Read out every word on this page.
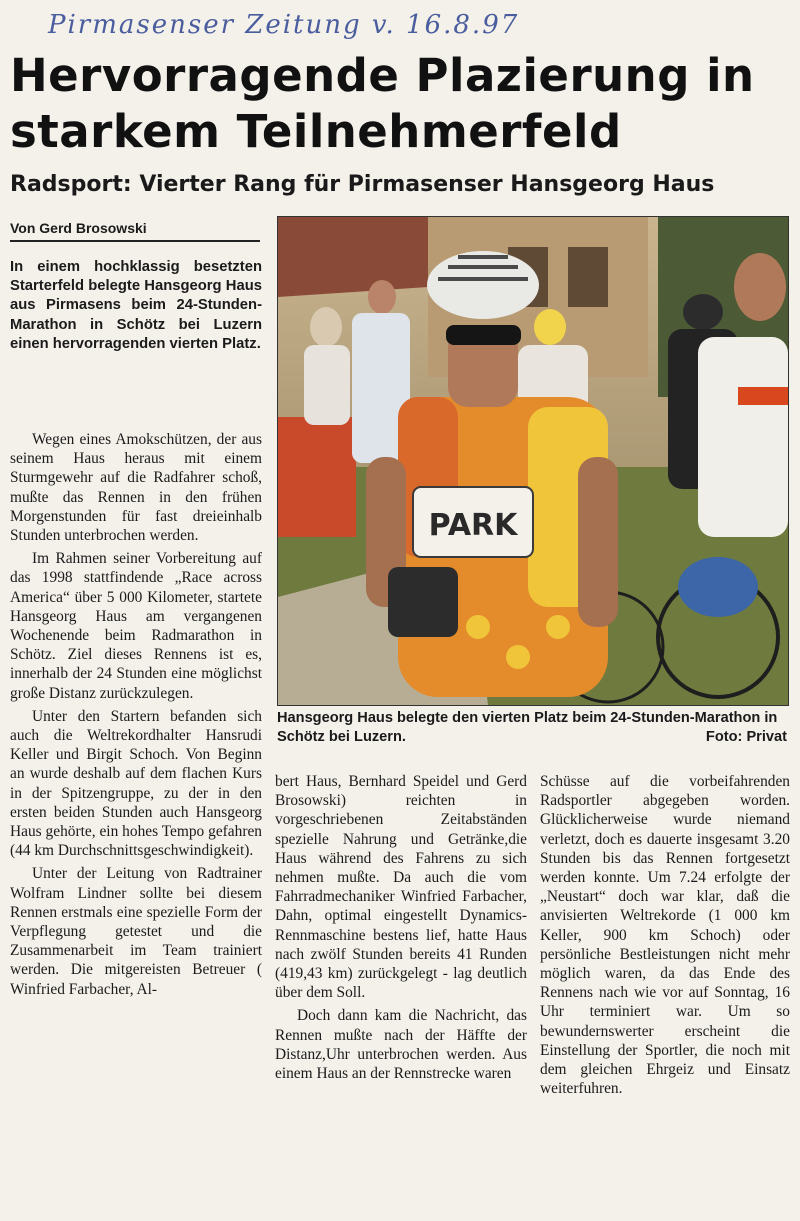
Pirmasenser Zeitung v. 16.8.97
Hervorragende Plazierung in starkem Teilnehmerfeld
Radsport: Vierter Rang für Pirmasenser Hansgeorg Haus
Von Gerd Brosowski
In einem hochklassig besetzten Starterfeld belegte Hansgeorg Haus aus Pirmasens beim 24-Stunden-Marathon in Schötz bei Luzern einen hervorragenden vierten Platz.
PARK
Hansgeorg Haus belegte den vierten Platz beim 24-Stunden-Marathon in Schötz bei Luzern.	Foto: Privat

Wegen eines Amokschützen, der aus seinem Haus heraus mit einem Sturmgewehr auf die Radfahrer schoß, mußte das Rennen in den frühen Morgenstunden für fast dreieinhalb Stunden unterbrochen werden.

Im Rahmen seiner Vorbereitung auf das 1998 stattfindende „Race across America“ über 5 000 Kilometer, startete Hansgeorg Haus am vergangenen Wochenende beim Radmarathon in Schötz. Ziel dieses Rennens ist es, innerhalb der 24 Stunden eine möglichst große Distanz zurückzulegen.

Unter den Startern befanden sich auch die Weltrekordhalter Hansrudi Keller und Birgit Schoch. Von Beginn an wurde deshalb auf dem flachen Kurs in der Spitzengruppe, zu der in den ersten beiden Stunden auch Hansgeorg Haus gehörte, ein hohes Tempo gefahren (44 km Durchschnittsgeschwindigkeit).

Unter der Leitung von Radtrainer Wolfram Lindner sollte bei diesem Rennen erstmals eine spezielle Form der Verpflegung getestet und die Zusammenarbeit im Team trainiert werden. Die mitgereisten Betreuer ( Winfried Farbacher, Al-

bert Haus, Bernhard Speidel und Gerd Brosowski) reichten in vorgeschriebenen Zeitabständen spezielle Nahrung und Getränke,die Haus während des Fahrens zu sich nehmen mußte. Da auch die vom Fahrradmechaniker Winfried Farbacher, Dahn, optimal eingestellt Dynamics-Rennmaschine bestens lief, hatte Haus nach zwölf Stunden bereits 41 Runden (419,43 km) zurückgelegt - lag deutlich über dem Soll.

Doch dann kam die Nachricht, das Rennen mußte nach der Häffte der Distanz,Uhr unterbrochen werden. Aus einem Haus an der Rennstrecke waren

Schüsse auf die vorbeifahrenden Radsportler abgegeben worden. Glücklicherweise wurde niemand verletzt, doch es dauerte insgesamt 3.20 Stunden bis das Rennen fortgesetzt werden konnte. Um 7.24 erfolgte der „Neustart“ doch war klar, daß die anvisierten Weltrekorde (1 000 km Keller, 900 km Schoch) oder persönliche Bestleistungen nicht mehr möglich waren, da das Ende des Rennens nach wie vor auf Sonntag, 16 Uhr terminiert war. Um so bewundernswerter erscheint die Einstellung der Sportler, die noch mit dem gleichen Ehrgeiz und Einsatz weiterfuhren.
